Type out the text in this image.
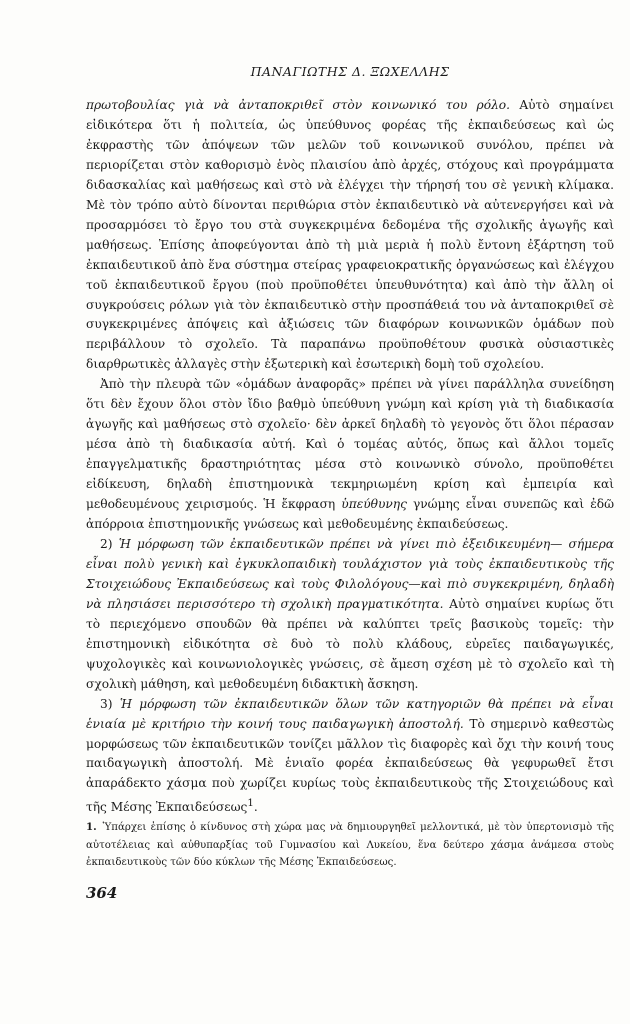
ΠΑΝΑΓΙΩΤΗΣ Δ. ΞΩΧΕΛΛΗΣ

πρωτοβουλίας γιὰ νὰ ἀνταποκριθεῖ στὸν κοινωνικό του ρόλο. Αὐτὸ σημαίνει εἰδικότερα ὅτι ἡ πολιτεία, ὡς ὑπεύθυνος φορέας τῆς ἐκπαιδεύσεως καὶ ὡς ἐκφραστὴς τῶν ἀπόψεων τῶν μελῶν τοῦ κοινωνικοῦ συνόλου, πρέπει νὰ περιορίζεται στὸν καθορισμὸ ἑνὸς πλαισίου ἀπὸ ἀρχές, στόχους καὶ προγράμματα διδασκαλίας καὶ μαθήσεως καὶ στὸ νὰ ἐλέγχει τὴν τήρησή του σὲ γενικὴ κλίμακα. Μὲ τὸν τρόπο αὐτὸ δίνονται περιθώρια στὸν ἐκπαιδευτικὸ νὰ αὐτενεργήσει καὶ νὰ προσαρμόσει τὸ ἔργο του στὰ συγκεκριμένα δεδομένα τῆς σχολικῆς ἀγωγῆς καὶ μαθήσεως. Ἐπίσης ἀποφεύγονται ἀπὸ τὴ μιὰ μεριὰ ἡ πολὺ ἔντονη ἐξάρτηση τοῦ ἐκπαιδευτικοῦ ἀπὸ ἕνα σύστημα στείρας γραφειοκρατικῆς ὀργανώσεως καὶ ἐλέγχου τοῦ ἐκπαιδευτικοῦ ἔργου (ποὺ προϋποθέτει ὑπευθυνότητα) καὶ ἀπὸ τὴν ἄλλη οἱ συγκρούσεις ρόλων γιὰ τὸν ἐκπαιδευτικὸ στὴν προσπάθειά του νὰ ἀνταποκριθεῖ σὲ συγκεκριμένες ἀπόψεις καὶ ἀξιώσεις τῶν διαφόρων κοινωνικῶν ὁμάδων ποὺ περιβάλλουν τὸ σχολεῖο. Τὰ παραπάνω προϋποθέτουν φυσικὰ οὐσιαστικὲς διαρθρωτικὲς ἀλλαγὲς στὴν ἐξωτερικὴ καὶ ἐσωτερικὴ δομὴ τοῦ σχολείου.

Ἀπὸ τὴν πλευρὰ τῶν «ὁμάδων ἀναφορᾶς» πρέπει νὰ γίνει παράλληλα συνείδηση ὅτι δὲν ἔχουν ὅλοι στὸν ἴδιο βαθμὸ ὑπεύθυνη γνώμη καὶ κρίση γιὰ τὴ διαδικασία ἀγωγῆς καὶ μαθήσεως στὸ σχολεῖο· δὲν ἀρκεῖ δηλαδὴ τὸ γεγονὸς ὅτι ὅλοι πέρασαν μέσα ἀπὸ τὴ διαδικασία αὐτή. Καὶ ὁ τομέας αὐτός, ὅπως καὶ ἄλλοι τομεῖς ἐπαγγελματικῆς δραστηριότητας μέσα στὸ κοινωνικὸ σύνολο, προϋποθέτει εἰδίκευση, δηλαδὴ ἐπιστημονικὰ τεκμηριωμένη κρίση καὶ ἐμπειρία καὶ μεθοδευμένους χειρισμούς. Ἡ ἔκφραση ὑπεύθυνης γνώμης εἶναι συνεπῶς καὶ ἐδῶ ἀπόρροια ἐπιστημονικῆς γνώσεως καὶ μεθοδευμένης ἐκπαιδεύσεως.

2) Ἡ μόρφωση τῶν ἐκπαιδευτικῶν πρέπει νὰ γίνει πιὸ ἐξειδικευμένη— σήμερα εἶναι πολὺ γενικὴ καὶ ἐγκυκλοπαιδικὴ τουλάχιστον γιὰ τοὺς ἐκπαιδευτικοὺς τῆς Στοιχειώδους Ἐκπαιδεύσεως καὶ τοὺς Φιλολόγους—καὶ πιὸ συγκεκριμένη, δηλαδὴ νὰ πλησιάσει περισσότερο τὴ σχολικὴ πραγματικότητα. Αὐτὸ σημαίνει κυρίως ὅτι τὸ περιεχόμενο σπουδῶν θὰ πρέπει νὰ καλύπτει τρεῖς βασικοὺς τομεῖς: τὴν ἐπιστημονικὴ εἰδικότητα σὲ δυὸ τὸ πολὺ κλάδους, εὐρεῖες παιδαγωγικές, ψυχολογικὲς καὶ κοινωνιολογικὲς γνώσεις, σὲ ἄμεση σχέση μὲ τὸ σχολεῖο καὶ τὴ σχολικὴ μάθηση, καὶ μεθοδευμένη διδακτικὴ ἄσκηση.

3) Ἡ μόρφωση τῶν ἐκπαιδευτικῶν ὅλων τῶν κατηγοριῶν θὰ πρέπει νὰ εἶναι ἑνιαία μὲ κριτήριο τὴν κοινή τους παιδαγωγικὴ ἀποστολή. Τὸ σημερινὸ καθεστὼς μορφώσεως τῶν ἐκπαιδευτικῶν τονίζει μᾶλλον τὶς διαφορὲς καὶ ὄχι τὴν κοινή τους παιδαγωγικὴ ἀποστολή. Μὲ ἑνιαῖο φορέα ἐκπαιδεύσεως θὰ γεφυρωθεῖ ἔτσι ἀπαράδεκτο χάσμα ποὺ χωρίζει κυρίως τοὺς ἐκπαιδευτικοὺς τῆς Στοιχειώδους καὶ τῆς Μέσης Ἐκπαιδεύσεως$^1$.

1. Ὑπάρχει ἐπίσης ὁ κίνδυνος στὴ χώρα μας νὰ δημιουργηθεῖ μελλοντικά, μὲ τὸν ὑπερτονισμὸ τῆς αὐτοτέλειας καὶ αὐθυπαρξίας τοῦ Γυμνασίου καὶ Λυκείου, ἕνα δεύτερο χάσμα ἀνάμεσα στοὺς ἐκπαιδευτικοὺς τῶν δύο κύκλων τῆς Μέσης Ἐκπαιδεύσεως.
364
